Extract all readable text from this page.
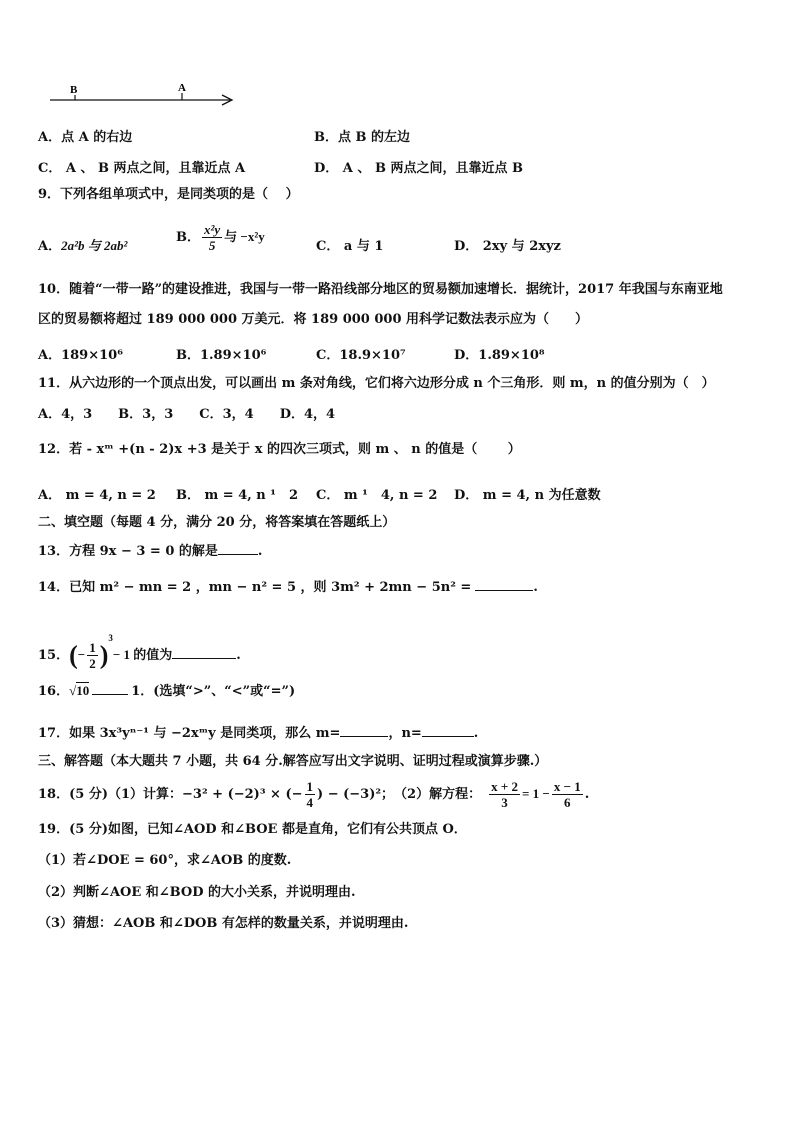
B	A
A．点 A 的右边	B．点 B 的左边
C． A 、 B 两点之间，且靠近点 A	D． A 、 B 两点之间，且靠近点 B
9．下列各组单项式中，是同类项的是（　 ）
A．2a²b 与 2ab²
B． $\frac{\text{x²y}}{5}$ 与 −x²y
C． a 与 1	D． 2xy 与 2xyz
10．随着“一带一路”的建设推进，我国与一带一路沿线部分地区的贸易额加速增长．据统计，2017 年我国与东南亚地
区的贸易额将超过 189 000 000 万美元．将 189 000 000 用科学记数法表示应为（　　）
A．189×10⁶	B．1.89×10⁶	C．18.9×10⁷	D．1.89×10⁸
11．从六边形的一个顶点出发，可以画出 m 条对角线，它们将六边形分成 n 个三角形．则 m，n 的值分别为（　）
A．4，3　　B．3，3　　C．3，4　　D．4，4
12．若 - xᵐ +(n - 2)x +3 是关于 x 的四次三项式，则 m 、 n 的值是（　　 ）
A． m = 4, n = 2 B． m = 4, n ¹　2 C． m ¹　4, n = 2 D． m = 4, n 为任意数
二、填空题（每题 4 分，满分 20 分，将答案填在答题纸上）
13．方程 9x − 3 = 0 的解是	.
14．已知 m² − mn = 2 ，mn − n² = 5 ，则 3m² + 2mn − 5n² =	.
15．(− $\frac{1}{2} )^3- 1$ 的值为	.
16．√10	1．(选填“>”、“<”或“=”)
17．如果 3x³yⁿ⁻¹ 与 −2xᵐy 是同类项，那么 m=	，n=	.
三、解答题（本大题共 7 小题，共 64 分.解答应写出文字说明、证明过程或演算步骤.）
18．(5 分)（1）计算：−3² + (−2)³ × (− $\frac{1}{4}$ ) − (−3)²；　（2）解方程： $\frac{x + 2}{3} = 1 - \frac{x - 1}{6}$ .
19．(5 分)如图，已知∠AOD 和∠BOE 都是直角，它们有公共顶点 O．
（1）若∠DOE = 60°，求∠AOB 的度数.
（2）判断∠AOE 和∠BOD 的大小关系，并说明理由.
（3）猜想：∠AOB 和∠DOB 有怎样的数量关系，并说明理由.
